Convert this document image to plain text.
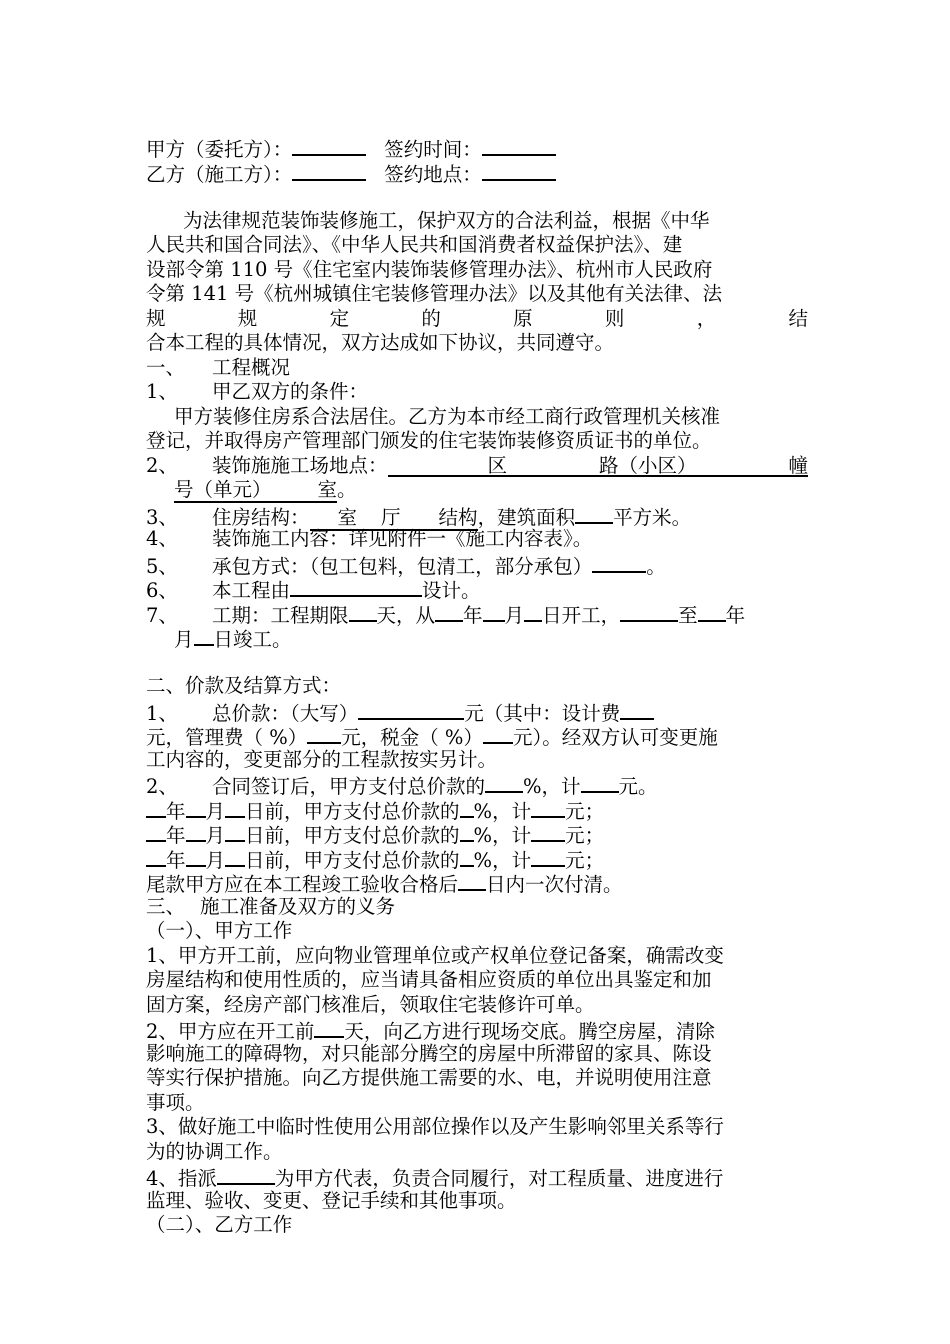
甲方（委托方）：	签约时间：
乙方（施工方）：	签约地点：
为法律规范装饰装修施工，保护双方的合法利益，根据《中华
人民共和国合同法》、《中华人民共和国消费者权益保护法》、建
设部令第 110 号《住宅室内装饰装修管理办法》、杭州市人民政府
令第 141 号《杭州城镇住宅装修管理办法》以及其他有关法律、法
规	规	定	的	原	则	，	结
合本工程的具体情况，双方达成如下协议，共同遵守。
一、 工程概况
1、 甲乙双方的条件：
甲方装修住房系合法居住。乙方为本市经工商行政管理机关核准
登记，并取得房产管理部门颁发的住宅装饰装修资质证书的单位。
2、	装饰施施工场地点：	区	路（小区）	幢
号（单元） 室。
3、 住房结构： 室 厅 结构，建筑面积 平方米。
4、 装饰施工内容：详见附件一《施工内容表》。
5、 承包方式：（包工包料，包清工，部分承包）	。
6、 本工程由	设计。
7、 工期：工程期限 天，从 年 月 日开工，	至 年
月 日竣工。
二、价款及结算方式：
1、 总价款：（大写）	元（其中：设计费
元，管理费（ %） 元，税金（ %） 元）。经双方认可变更施
工内容的，变更部分的工程款按实另计。
2、 合同签订后，甲方支付总价款的 %，计 元。
年 月 日前，甲方支付总价款的 %，计 元；
年 月 日前，甲方支付总价款的 %，计 元；
年 月 日前，甲方支付总价款的 %，计 元；
尾款甲方应在本工程竣工验收合格后 日内一次付清。
三、 施工准备及双方的义务
（一）、甲方工作
1、甲方开工前，应向物业管理单位或产权单位登记备案，确需改变
房屋结构和使用性质的，应当请具备相应资质的单位出具鉴定和加
固方案，经房产部门核准后，领取住宅装修许可单。
2、甲方应在开工前 天，向乙方进行现场交底。腾空房屋，清除
影响施工的障碍物，对只能部分腾空的房屋中所滞留的家具、陈设
等实行保护措施。向乙方提供施工需要的水、电，并说明使用注意
事项。
3、做好施工中临时性使用公用部位操作以及产生影响邻里关系等行
为的协调工作。
4、指派	为甲方代表，负责合同履行，对工程质量、进度进行
监理、验收、变更、登记手续和其他事项。
（二）、乙方工作
